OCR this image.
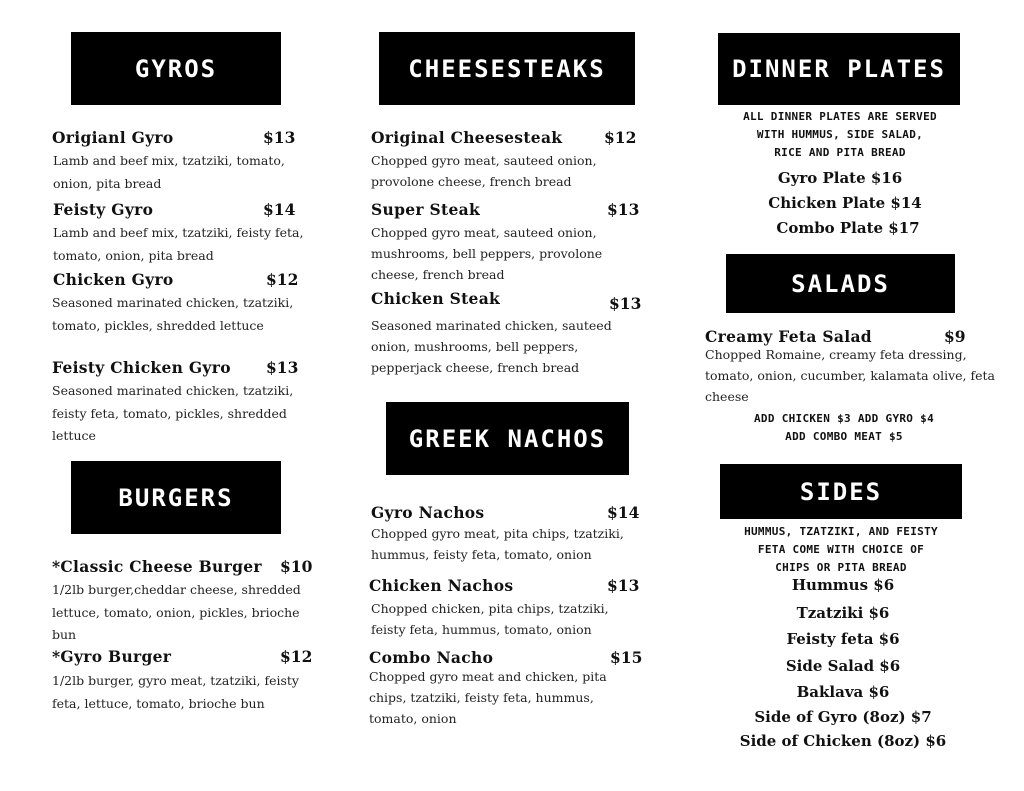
GYROS
Origianl Gyro	$13
Lamb and beef mix, tzatziki, tomato, onion, pita bread
Feisty Gyro	$14
Lamb and beef mix, tzatziki, feisty feta, tomato, onion, pita bread
Chicken Gyro	$12
Seasoned marinated chicken, tzatziki, tomato, pickles, shredded lettuce
Feisty Chicken Gyro $13
Seasoned marinated chicken, tzatziki, feisty feta, tomato, pickles, shredded lettuce
BURGERS
*Classic Cheese Burger $10
1/2lb burger,cheddar cheese, shredded lettuce, tomato, onion, pickles, brioche bun
*Gyro Burger	$12
1/2lb burger, gyro meat, tzatziki, feisty feta, lettuce, tomato, brioche bun
CHEESESTEAKS
Original Cheesesteak	$12
Chopped gyro meat, sauteed onion, provolone cheese, french bread
Super Steak	$13
Chopped gyro meat, sauteed onion, mushrooms, bell peppers, provolone cheese, french bread
Chicken Steak	$13
Seasoned marinated chicken, sauteed onion, mushrooms, bell peppers, pepperjack cheese, french bread
GREEK NACHOS
Gyro Nachos	$14
Chopped gyro meat, pita chips, tzatziki, hummus, feisty feta, tomato, onion
Chicken Nachos	$13
Chopped chicken, pita chips, tzatziki, feisty feta, hummus, tomato, onion
Combo Nacho	$15
Chopped gyro meat and chicken, pita chips, tzatziki, feisty feta, hummus, tomato, onion
DINNER PLATES
ALL DINNER PLATES ARE SERVED WITH HUMMUS, SIDE SALAD, RICE AND PITA BREAD
Gyro Plate $16
Chicken Plate $14
Combo Plate $17
SALADS
Creamy Feta Salad	$9
Chopped Romaine, creamy feta dressing, tomato, onion, cucumber, kalamata olive, feta cheese
ADD CHICKEN $3 ADD GYRO $4
ADD COMBO MEAT $5
SIDES
HUMMUS, TZATZIKI, AND FEISTY FETA COME WITH CHOICE OF CHIPS OR PITA BREAD
Hummus $6
Tzatziki $6
Feisty feta $6
Side Salad $6
Baklava $6
Side of Gyro (8oz) $7
Side of Chicken (8oz) $6
